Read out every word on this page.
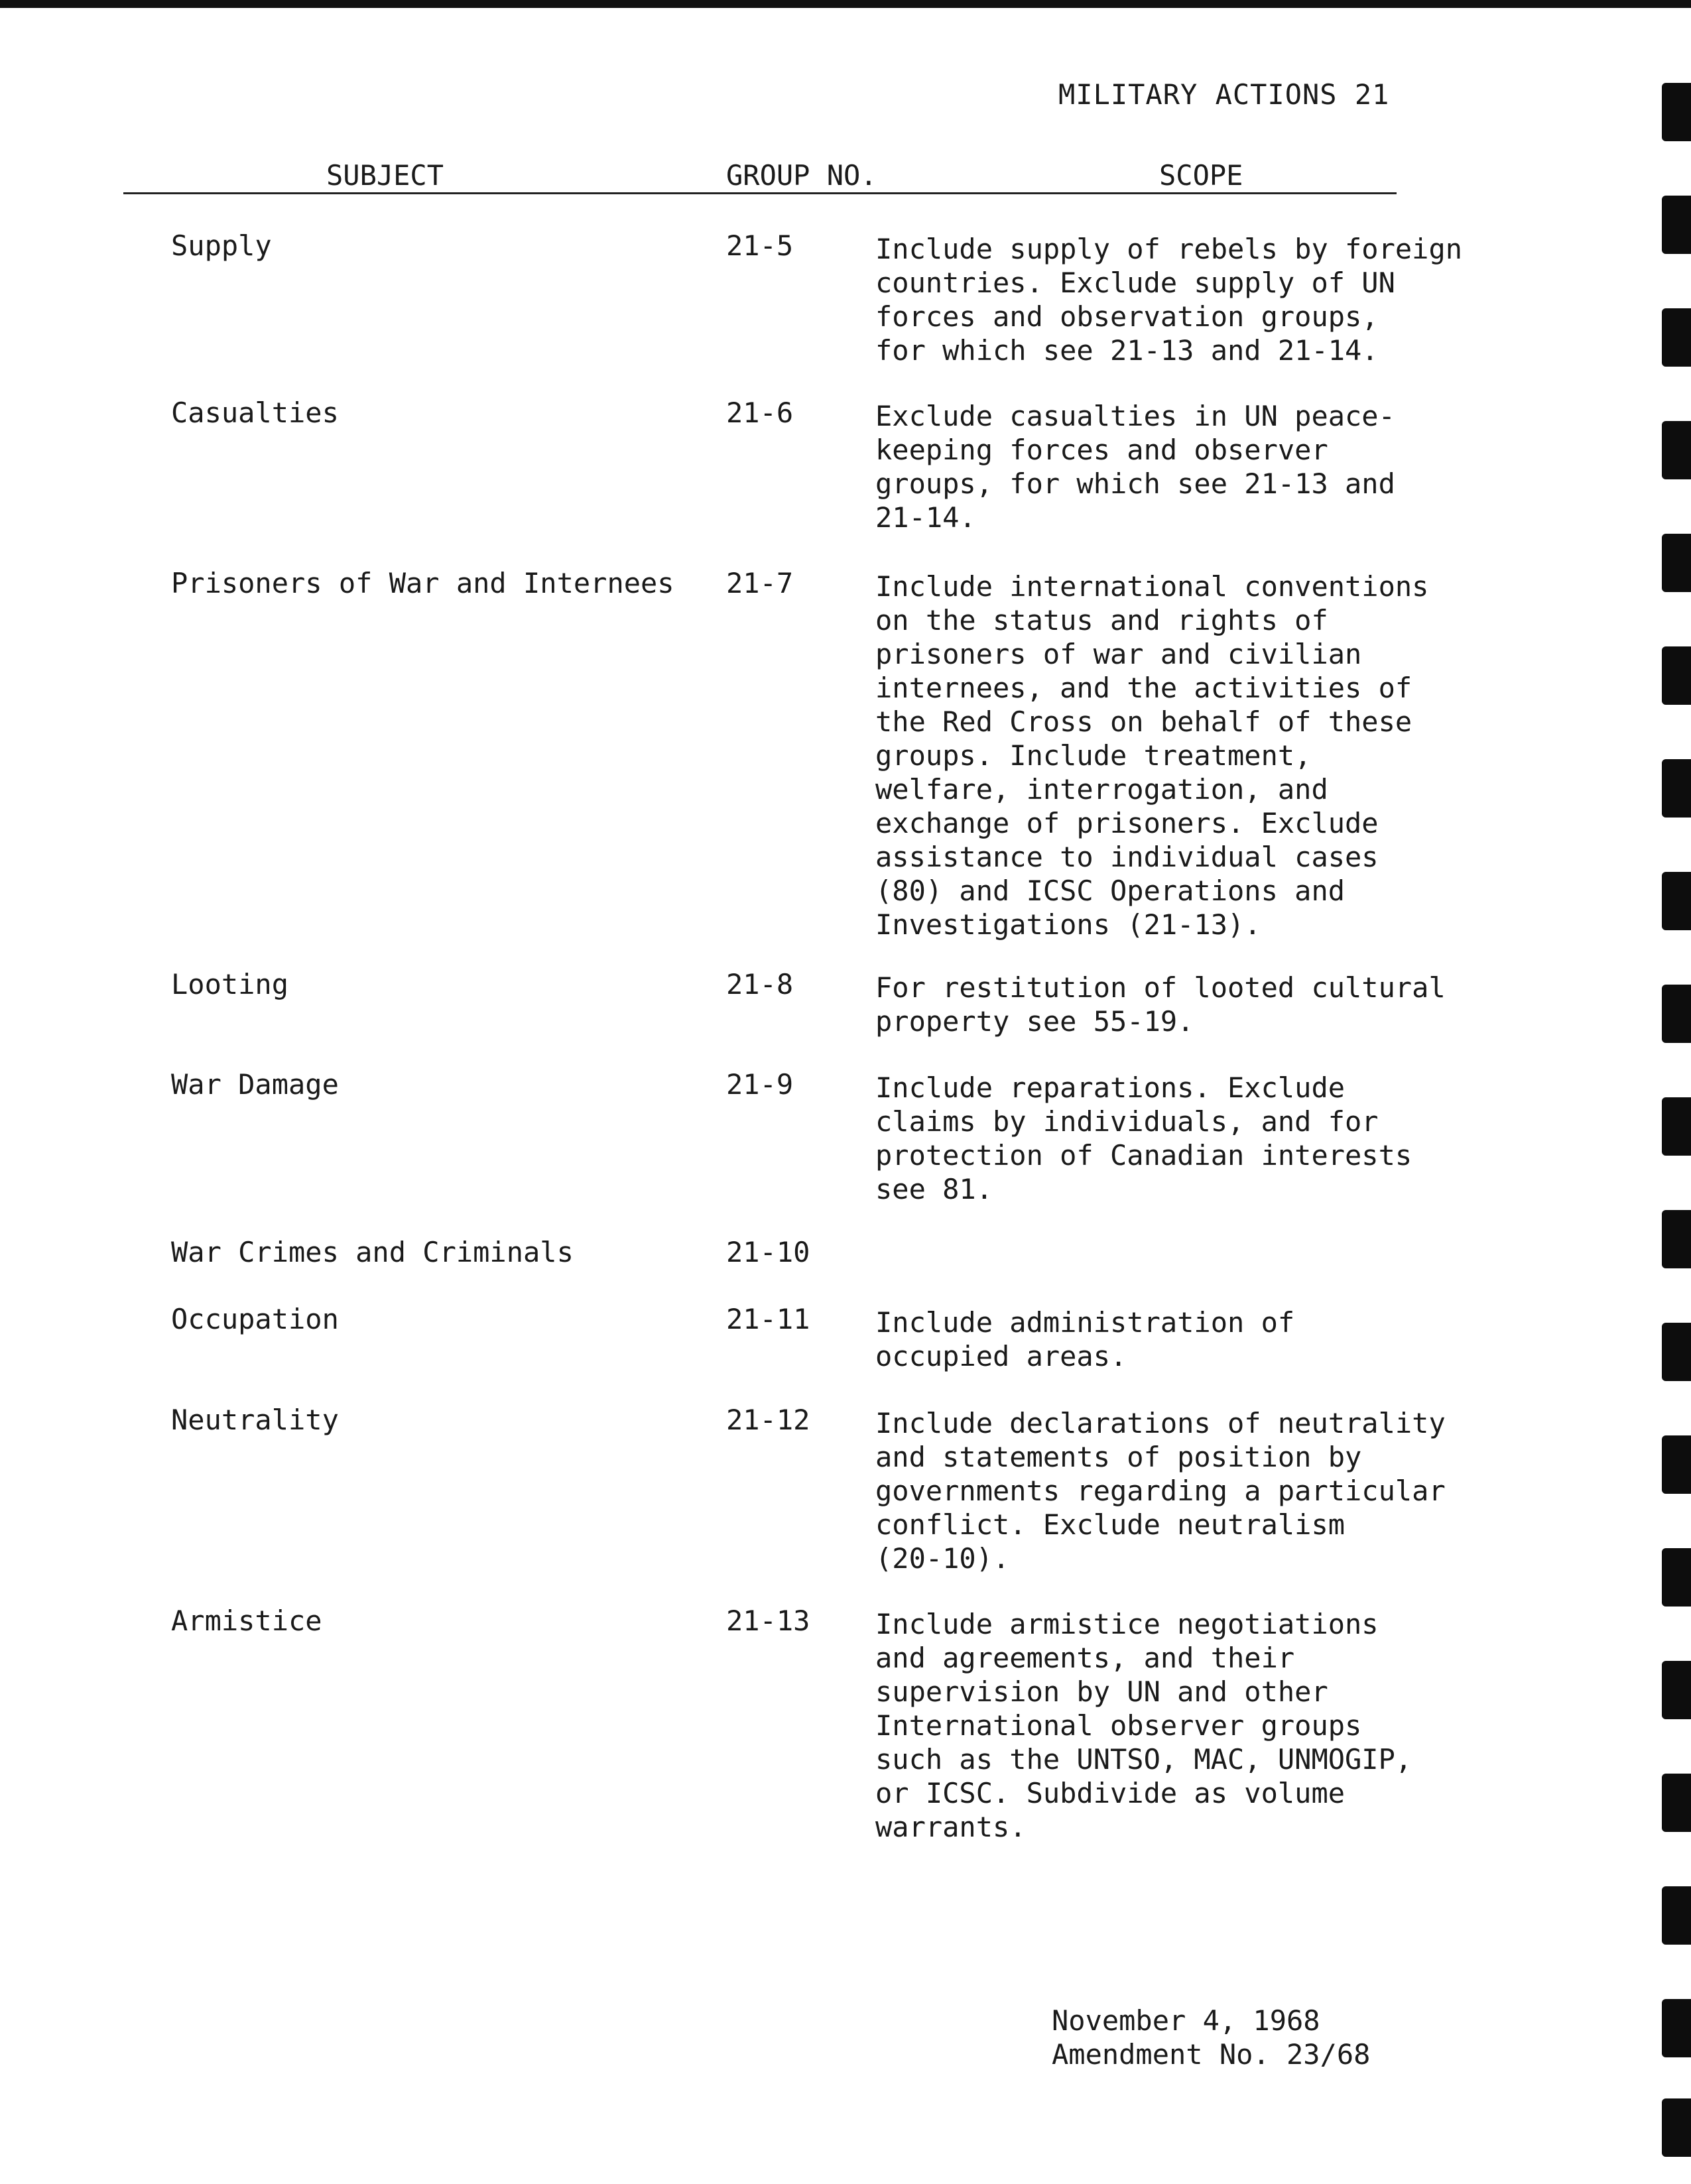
MILITARY ACTIONS 21
SUBJECT	GROUP NO.	SCOPE
Supply	21-5	Include supply of rebels by foreign
countries. Exclude supply of UN
forces and observation groups,
for which see 21-13 and 21-14.
Casualties	21-6	Exclude casualties in UN peace-
keeping forces and observer
groups, for which see 21-13 and
21-14.
Prisoners of War and Internees 21-7	Include international conventions
on the status and rights of
prisoners of war and civilian
internees, and the activities of
the Red Cross on behalf of these
groups. Include treatment,
welfare, interrogation, and
exchange of prisoners. Exclude
assistance to individual cases
(80) and ICSC Operations and
Investigations (21-13).
Looting	21-8	For restitution of looted cultural
property see 55-19.
War Damage	21-9	Include reparations. Exclude
claims by individuals, and for
protection of Canadian interests
see 81.
War Crimes and Criminals	21-10
Occupation	21-11 Include administration of
occupied areas.
Neutrality	21-12 Include declarations of neutrality
and statements of position by
governments regarding a particular
conflict. Exclude neutralism
(20-10).
Armistice	21-13 Include armistice negotiations
and agreements, and their
supervision by UN and other
International observer groups
such as the UNTSO, MAC, UNMOGIP,
or ICSC. Subdivide as volume
warrants.
November 4, 1968
Amendment No. 23/68
